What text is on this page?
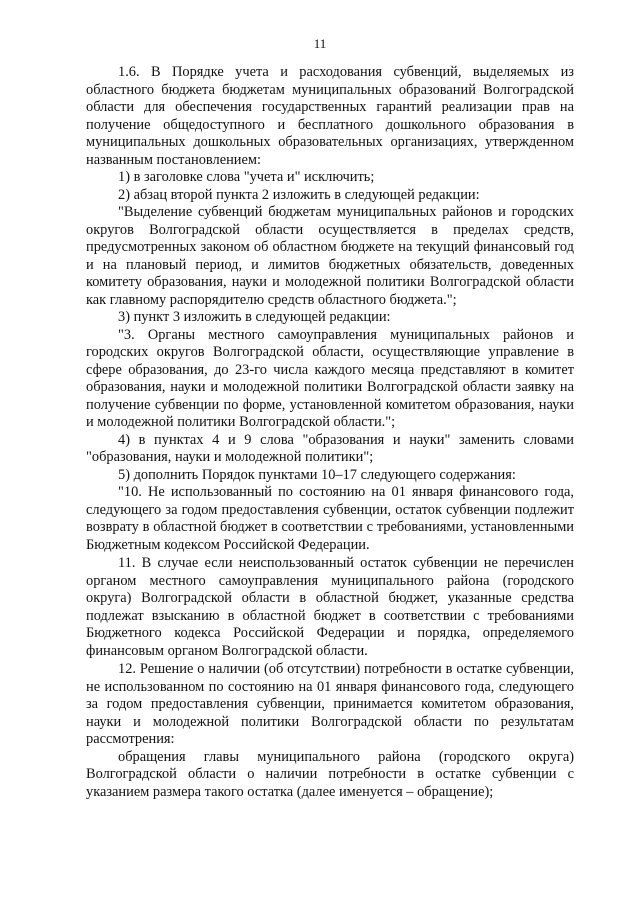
11

1.6. В Порядке учета и расходования субвенций, выделяемых из областного бюджета бюджетам муниципальных образований Волгоградской области для обеспечения государственных гарантий реализации прав на получение общедоступного и бесплатного дошкольного образования в муниципальных дошкольных образовательных организациях, утвержденном названным постановлением:

1) в заголовке слова "учета и" исключить;

2) абзац второй пункта 2 изложить в следующей редакции:

"Выделение субвенций бюджетам муниципальных районов и городских округов Волгоградской области осуществляется в пределах средств, предусмотренных законом об областном бюджете на текущий финансовый год и на плановый период, и лимитов бюджетных обязательств, доведенных комитету образования, науки и молодежной политики Волгоградской области как главному распорядителю средств областного бюджета.";

3) пункт 3 изложить в следующей редакции:

"3. Органы местного самоуправления муниципальных районов и городских округов Волгоградской области, осуществляющие управление в сфере образования, до 23-го числа каждого месяца представляют в комитет образования, науки и молодежной политики Волгоградской области заявку на получение субвенции по форме, установленной комитетом образования, науки и молодежной политики Волгоградской области.";

4) в пунктах 4 и 9 слова "образования и науки" заменить словами "образования, науки и молодежной политики";

5) дополнить Порядок пунктами 10–17 следующего содержания:

"10. Не использованный по состоянию на 01 января финансового года, следующего за годом предоставления субвенции, остаток субвенции подлежит возврату в областной бюджет в соответствии с требованиями, установленными Бюджетным кодексом Российской Федерации.

11. В случае если неиспользованный остаток субвенции не перечислен органом местного самоуправления муниципального района (городского округа) Волгоградской области в областной бюджет, указанные средства подлежат взысканию в областной бюджет в соответствии с требованиями Бюджетного кодекса Российской Федерации и порядка, определяемого финансовым органом Волгоградской области.

12. Решение о наличии (об отсутствии) потребности в остатке субвенции, не использованном по состоянию на 01 января финансового года, следующего за годом предоставления субвенции, принимается комитетом образования, науки и молодежной политики Волгоградской области по результатам рассмотрения:

обращения главы муниципального района (городского округа) Волгоградской области о наличии потребности в остатке субвенции с указанием размера такого остатка (далее именуется – обращение);
